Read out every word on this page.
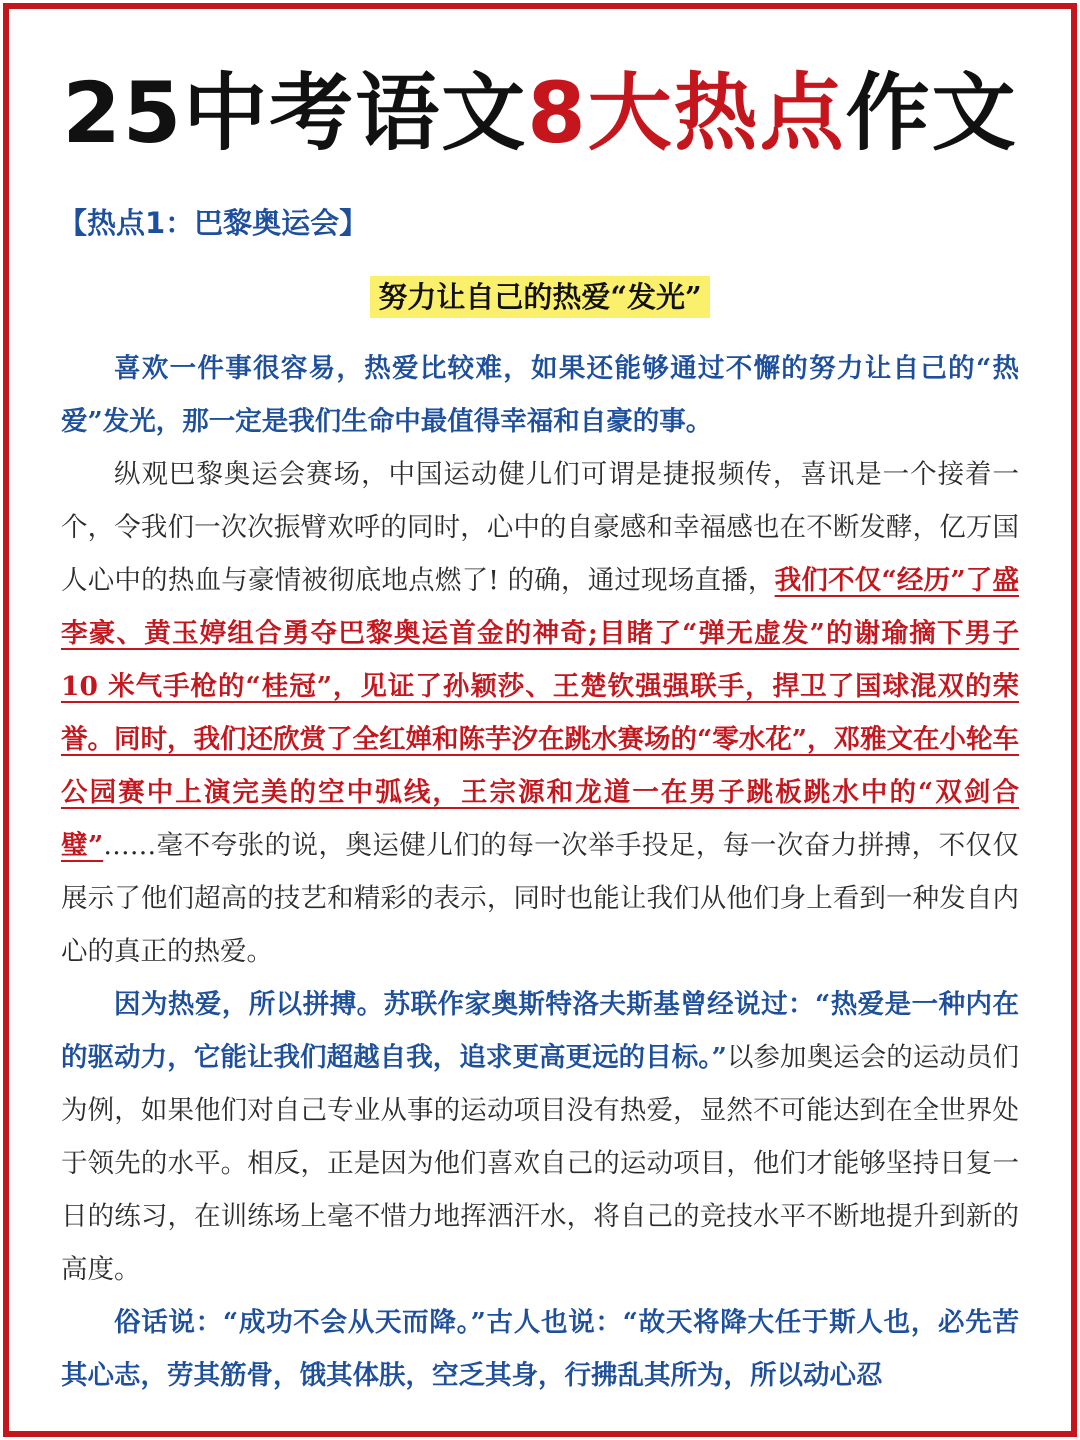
25中考语文8大热点作文
【热点1：巴黎奥运会】
努力让自己的热爱“发光”

喜欢一件事很容易，热爱比较难，如果还能够通过不懈的努力让自己的“热爱”发光，那一定是我们生命中最值得幸福和自豪的事。

纵观巴黎奥运会赛场，中国运动健儿们可谓是捷报频传，喜讯是一个接着一个，令我们一次次振臂欢呼的同时，心中的自豪感和幸福感也在不断发酵，亿万国人心中的热血与豪情被彻底地点燃了! 的确，通过现场直播，我们不仅“经历”了盛李豪、黄玉婷组合勇夺巴黎奥运首金的神奇;目睹了“弹无虚发”的谢瑜摘下男子 10 米气手枪的“桂冠”，见证了孙颖莎、王楚钦强强联手，捍卫了国球混双的荣誉。同时，我们还欣赏了全红婵和陈芋汐在跳水赛场的“零水花”，邓雅文在小轮车公园赛中上演完美的空中弧线，王宗源和龙道一在男子跳板跳水中的“双剑合璧”……毫不夸张的说，奥运健儿们的每一次举手投足，每一次奋力拼搏，不仅仅展示了他们超高的技艺和精彩的表示，同时也能让我们从他们身上看到一种发自内心的真正的热爱。

因为热爱，所以拼搏。苏联作家奥斯特洛夫斯基曾经说过：“热爱是一种内在的驱动力，它能让我们超越自我，追求更高更远的目标。”以参加奥运会的运动员们为例，如果他们对自己专业从事的运动项目没有热爱，显然不可能达到在全世界处于领先的水平。相反，正是因为他们喜欢自己的运动项目，他们才能够坚持日复一日的练习，在训练场上毫不惜力地挥洒汗水，将自己的竞技水平不断地提升到新的高度。

俗话说：“成功不会从天而降。”古人也说：“故天将降大任于斯人也，必先苦其心志，劳其筋骨，饿其体肤，空乏其身，行拂乱其所为，所以动心忍
